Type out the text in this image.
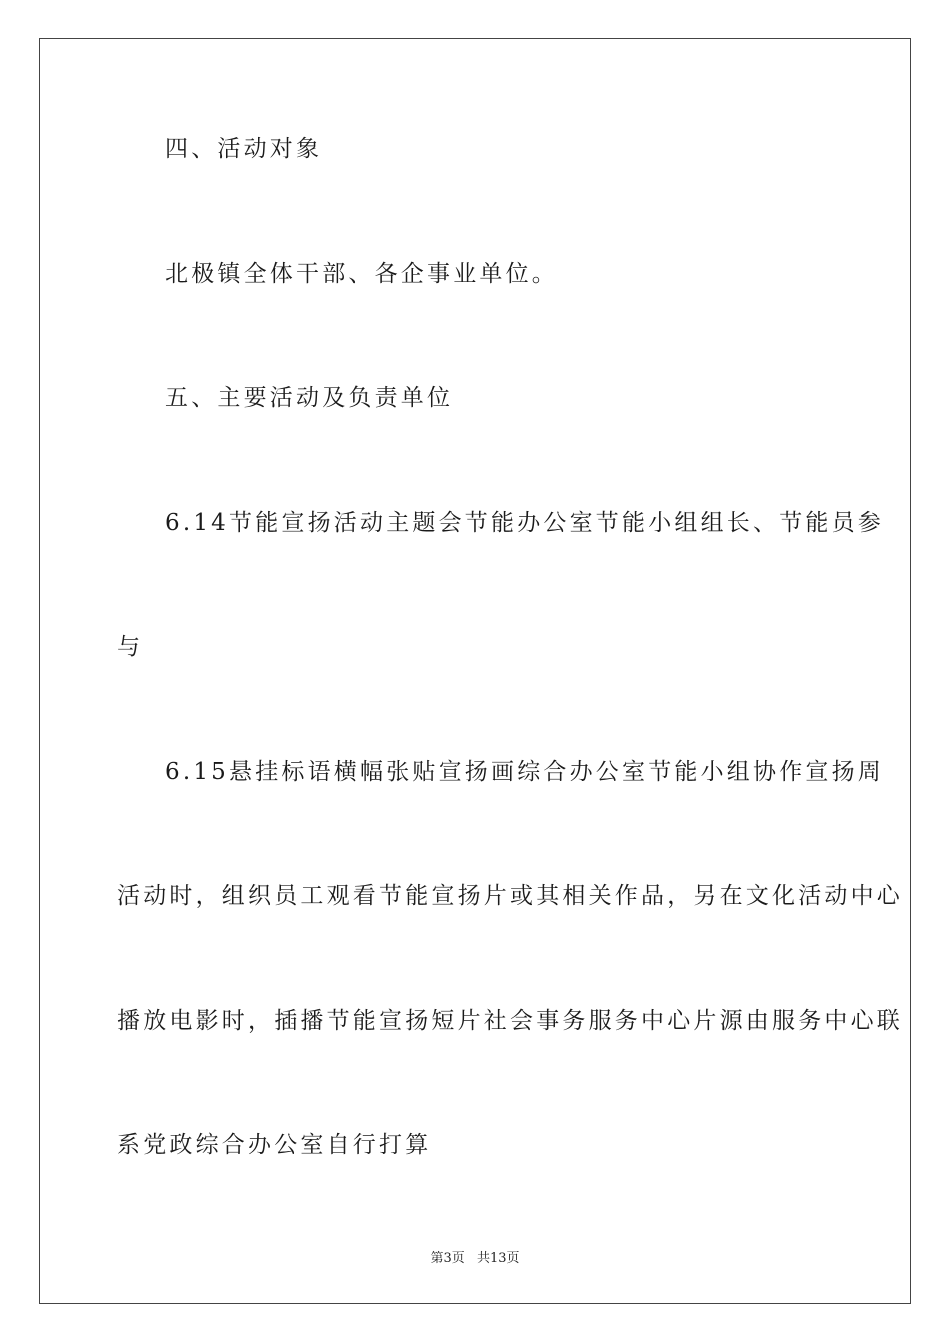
四、活动对象
北极镇全体干部、各企事业单位。
五、主要活动及负责单位
6.14节能宣扬活动主题会节能办公室节能小组组长、节能员参
与
6.15悬挂标语横幅张贴宣扬画综合办公室节能小组协作宣扬周
活动时，组织员工观看节能宣扬片或其相关作品，另在文化活动中心
播放电影时，插播节能宣扬短片社会事务服务中心片源由服务中心联
系党政综合办公室自行打算
第3页 共13页
